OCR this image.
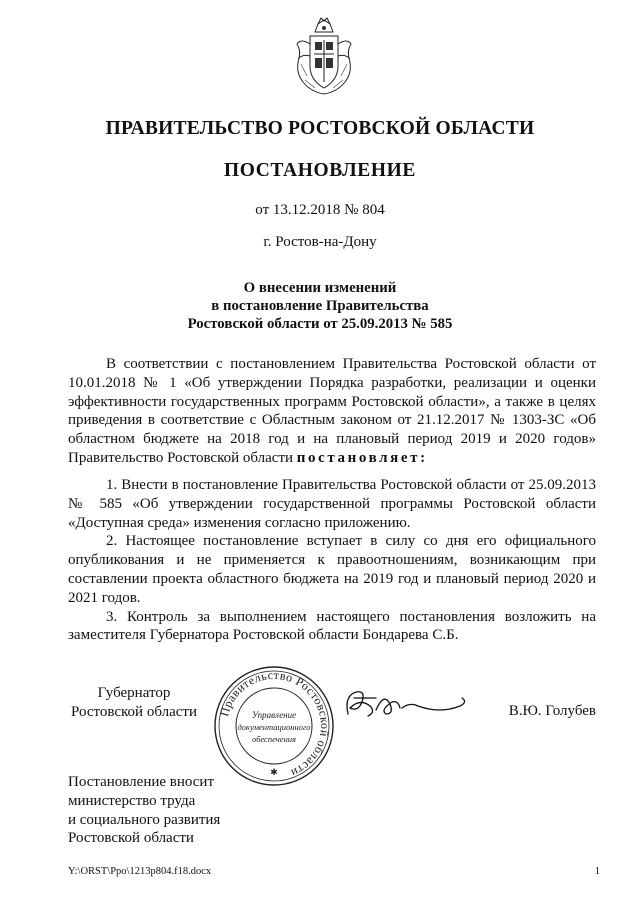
ПРАВИТЕЛЬСТВО РОСТОВСКОЙ ОБЛАСТИ
ПОСТАНОВЛЕНИЕ
от 13.12.2018 № 804
г. Ростов-на-Дону
О внесении изменений
в постановление Правительства
Ростовской области от 25.09.2013 № 585

В соответствии с постановлением Правительства Ростовской области от 10.01.2018 № 1 «Об утверждении Порядка разработки, реализации и оценки эффективности государственных программ Ростовской области», а также в целях приведения в соответствие с Областным законом от 21.12.2017 № 1303-ЗС «Об областном бюджете на 2018 год и на плановый период 2019 и 2020 годов» Правительство Ростовской области постановляет:

1. Внести в постановление Правительства Ростовской области от 25.09.2013 № 585 «Об утверждении государственной программы Ростовской области «Доступная среда» изменения согласно приложению.

2. Настоящее постановление вступает в силу со дня его официального опубликования и не применяется к правоотношениям, возникающим при составлении проекта областного бюджета на 2019 год и плановый период 2020 и 2021 годов.

3. Контроль за выполнением настоящего постановления возложить на заместителя Губернатора Ростовской области Бондарева С.Б.

Губернатор
Ростовской области Правительство Ростовской области
Управление
документационного
обеспечения
✱
В.Ю. Голубев
Постановление вносит
министерство труда
и социального развития
Ростовской области
Y:\ORST\Ppo\1213p804.f18.docx	1
